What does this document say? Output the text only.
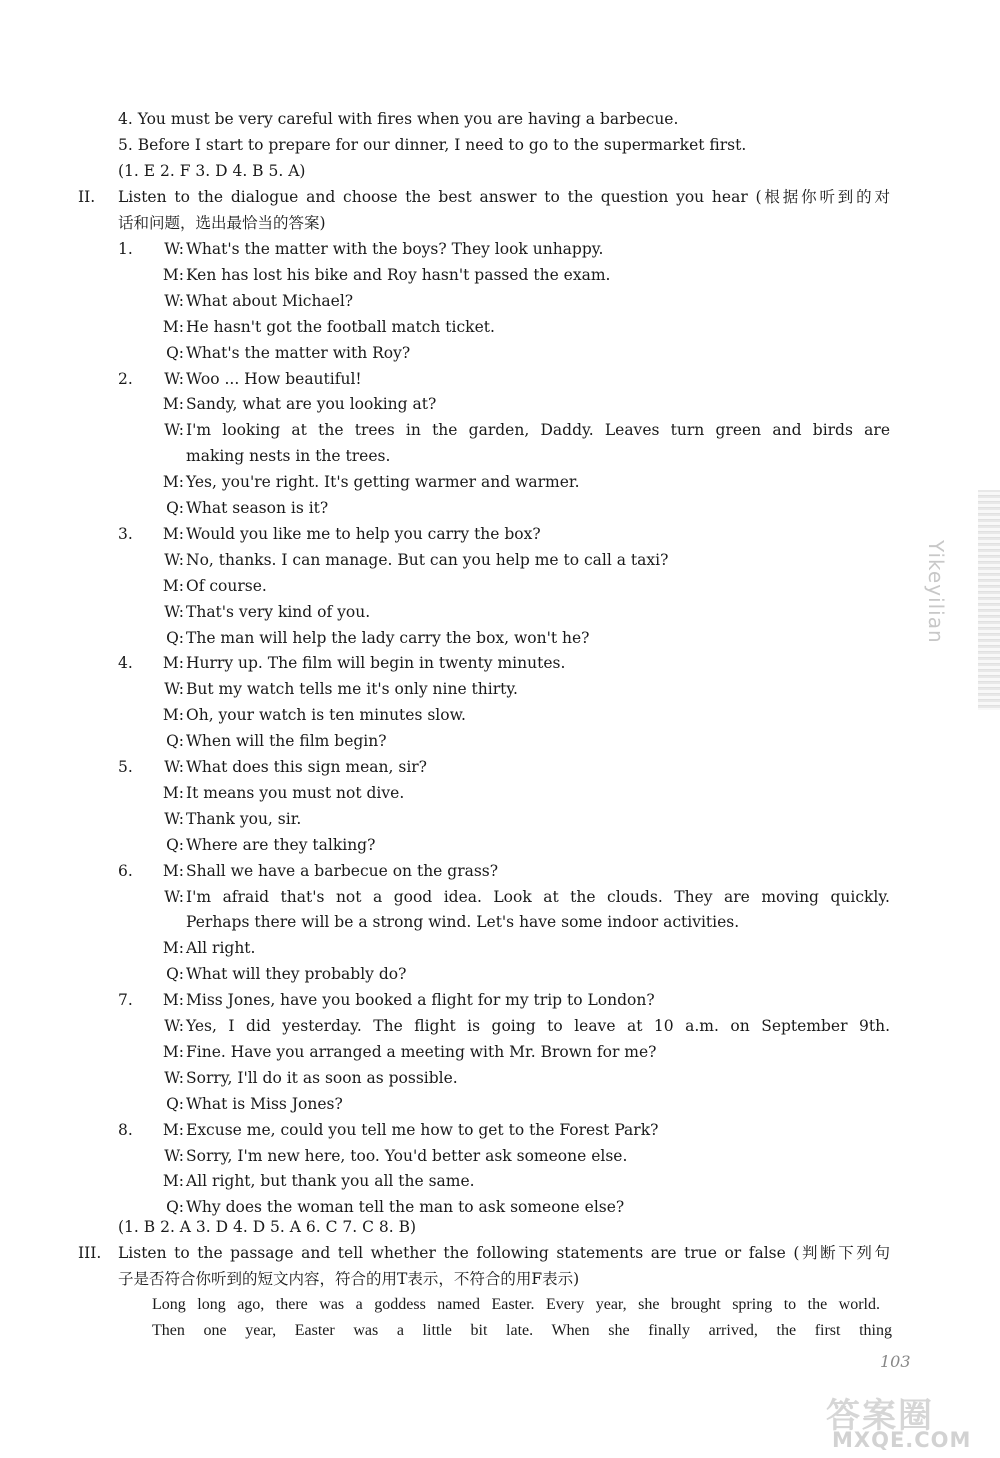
4. You must be very careful with fires when you are having a barbecue.
5. Before I start to prepare for our dinner, I need to go to the supermarket first.
(1. E 2. F 3. D 4. B 5. A)
II. Listen to the dialogue and choose the best answer to the question you hear (根据你听到的对
话和问题，选出最恰当的答案)
1.	W: What's the matter with the boys? They look unhappy.
M: Ken has lost his bike and Roy hasn't passed the exam.
W: What about Michael?
M: He hasn't got the football match ticket.
Q: What's the matter with Roy?
2.	W: Woo ... How beautiful!
M: Sandy, what are you looking at?
W: I'm looking at the trees in the garden, Daddy. Leaves turn green and birds are
making nests in the trees.
M: Yes, you're right. It's getting warmer and warmer.
Q: What season is it?
3.	M: Would you like me to help you carry the box?
W: No, thanks. I can manage. But can you help me to call a taxi?
M: Of course.
W: That's very kind of you.
Q: The man will help the lady carry the box, won't he?
4.	M: Hurry up. The film will begin in twenty minutes.
W: But my watch tells me it's only nine thirty.
M: Oh, your watch is ten minutes slow.
Q: When will the film begin?
5.	W: What does this sign mean, sir?
M: It means you must not dive.
W: Thank you, sir.
Q: Where are they talking?
6.	M: Shall we have a barbecue on the grass?
W: I'm afraid that's not a good idea. Look at the clouds. They are moving quickly.
Perhaps there will be a strong wind. Let's have some indoor activities.
M: All right.
Q: What will they probably do?
7.	M: Miss Jones, have you booked a flight for my trip to London?
W: Yes, I did yesterday. The flight is going to leave at 10 a.m. on September 9th.
M: Fine. Have you arranged a meeting with Mr. Brown for me?
W: Sorry, I'll do it as soon as possible.
Q: What is Miss Jones?
8.	M: Excuse me, could you tell me how to get to the Forest Park?
W: Sorry, I'm new here, too. You'd better ask someone else.
M: All right, but thank you all the same.
Q: Why does the woman tell the man to ask someone else?
(1. B 2. A 3. D 4. D 5. A 6. C 7. C 8. B)
III. Listen to the passage and tell whether the following statements are true or false (判断下列句
子是否符合你听到的短文内容，符合的用T表示，不符合的用F表示)
Long long ago, there was a goddess named Easter. Every year, she brought spring to the world.
Then one year, Easter was a little bit late. When she finally arrived, the first thing
Yikeyilian
103
答案圈
MXQE.COM
